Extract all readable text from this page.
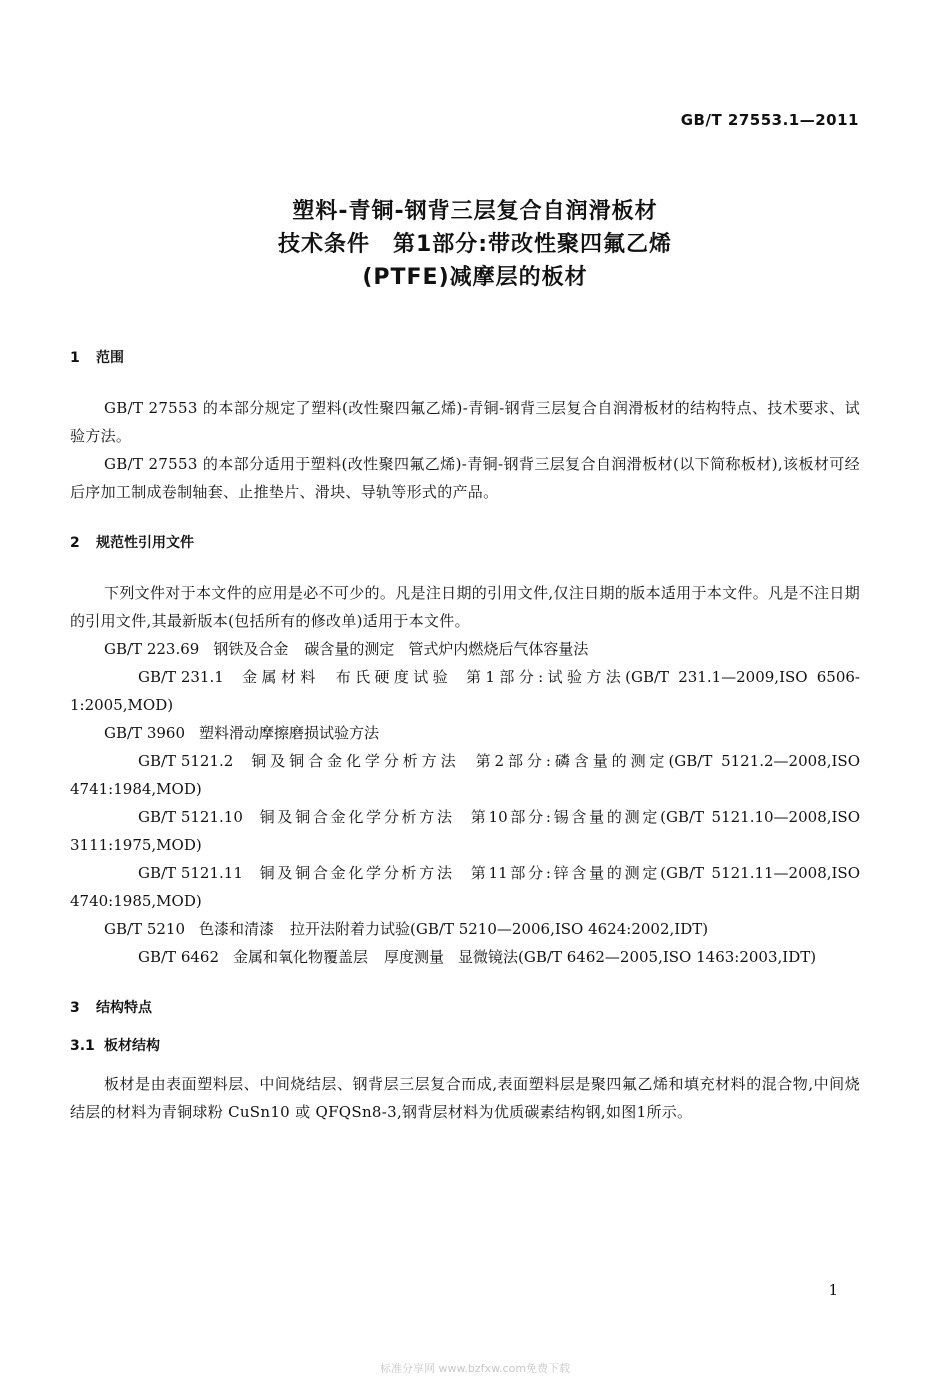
GB/T 27553.1—2011
塑料-青铜-钢背三层复合自润滑板材
技术条件　第1部分:带改性聚四氟乙烯
(PTFE)减摩层的板材
1 范围

GB/T 27553 的本部分规定了塑料(改性聚四氟乙烯)-青铜-钢背三层复合自润滑板材的结构特点、技术要求、试验方法。

GB/T 27553 的本部分适用于塑料(改性聚四氟乙烯)-青铜-钢背三层复合自润滑板材(以下简称板材),该板材可经后序加工制成卷制轴套、止推垫片、滑块、导轨等形式的产品。

2 规范性引用文件

下列文件对于本文件的应用是必不可少的。凡是注日期的引用文件,仅注日期的版本适用于本文件。凡是不注日期的引用文件,其最新版本(包括所有的修改单)适用于本文件。

GB/T 223.69 钢铁及合金 碳含量的测定 管式炉内燃烧后气体容量法

GB/T 231.1 金属材料 布氏硬度试验 第1部分:试验方法(GB/T 231.1—2009,ISO 6506-1:2005,MOD)

GB/T 3960 塑料滑动摩擦磨损试验方法

GB/T 5121.2 铜及铜合金化学分析方法 第2部分:磷含量的测定(GB/T 5121.2—2008,ISO 4741:1984,MOD)

GB/T 5121.10 铜及铜合金化学分析方法 第10部分:锡含量的测定(GB/T 5121.10—2008,ISO 3111:1975,MOD)

GB/T 5121.11 铜及铜合金化学分析方法 第11部分:锌含量的测定(GB/T 5121.11—2008,ISO 4740:1985,MOD)

GB/T 5210 色漆和清漆 拉开法附着力试验(GB/T 5210—2006,ISO 4624:2002,IDT)

GB/T 6462 金属和氧化物覆盖层 厚度测量 显微镜法(GB/T 6462—2005,ISO 1463:2003,IDT)

3 结构特点
3.1 板材结构

板材是由表面塑料层、中间烧结层、钢背层三层复合而成,表面塑料层是聚四氟乙烯和填充材料的混合物,中间烧结层的材料为青铜球粉 CuSn10 或 QFQSn8-3,钢背层材料为优质碳素结构钢,如图1所示。

1
标准分享网 www.bzfxw.com免费下载
